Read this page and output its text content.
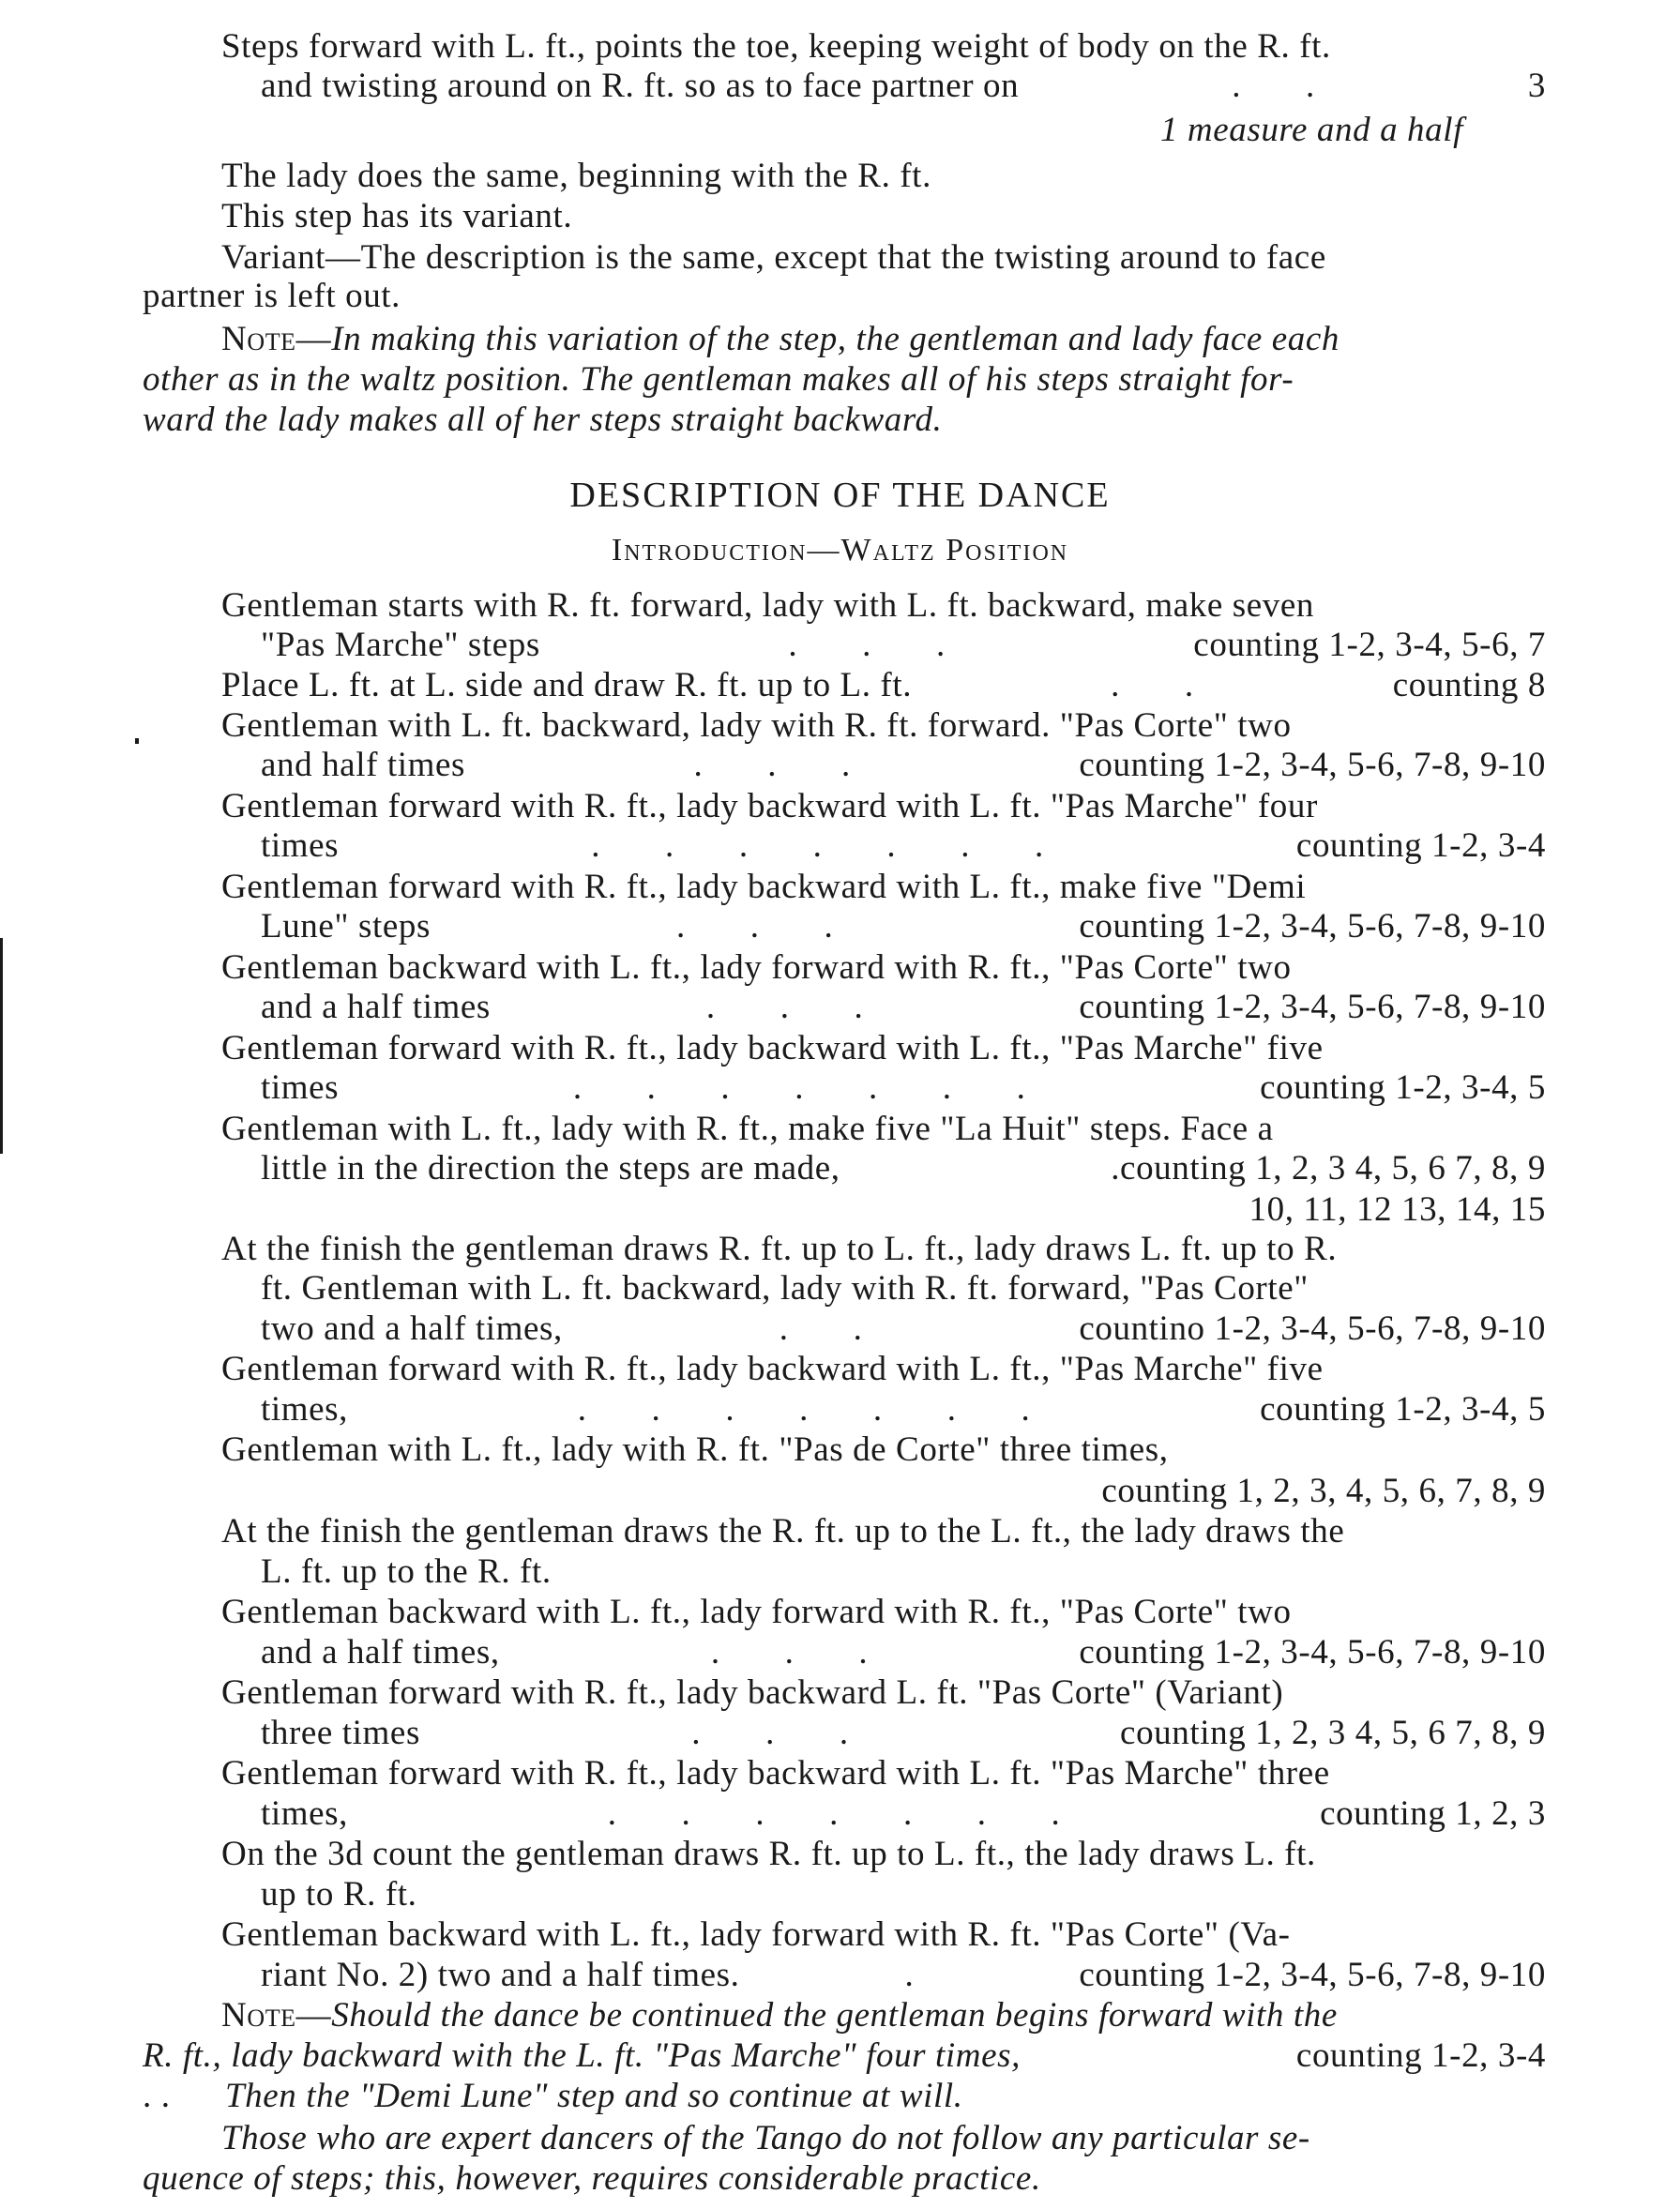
Steps forward with L. ft., points the toe, keeping weight of body on the R. ft.
and twisting around on R. ft. so as to face partner on	.       .	3
1 measure and a half
The lady does the same, beginning with the R. ft.
This step has its variant.
Variant—The description is the same, except that the twisting around to face
partner is left out.
Note—In making this variation of the step, the gentleman and lady face each
other as in the waltz position. The gentleman makes all of his steps straight for-
ward the lady makes all of her steps straight backward.
DESCRIPTION OF THE DANCE
Introduction—Waltz Position
Gentleman starts with R. ft. forward, lady with L. ft. backward, make seven
"Pas Marche" steps	.       .       .	counting 1-2, 3-4, 5-6, 7
Place L. ft. at L. side and draw R. ft. up to L. ft.	.       .	counting 8
Gentleman with L. ft. backward, lady with R. ft. forward. "Pas Corte" two
and half times	.       .       .	counting 1-2, 3-4, 5-6, 7-8, 9-10
Gentleman forward with R. ft., lady backward with L. ft. "Pas Marche" four
times	.       .       .       .       .       .       .	counting 1-2, 3-4
Gentleman forward with R. ft., lady backward with L. ft., make five "Demi
Lune" steps	.       .       .	counting 1-2, 3-4, 5-6, 7-8, 9-10
Gentleman backward with L. ft., lady forward with R. ft., "Pas Corte" two
and a half times	.       .       .	counting 1-2, 3-4, 5-6, 7-8, 9-10
Gentleman forward with R. ft., lady backward with L. ft., "Pas Marche" five
times	.       .       .       .       .       .       .	counting 1-2, 3-4, 5
Gentleman with L. ft., lady with R. ft., make five "La Huit" steps. Face a
little in the direction the steps are made,	.counting 1, 2, 3 4, 5, 6 7, 8, 9
10, 11, 12 13, 14, 15
At the finish the gentleman draws R. ft. up to L. ft., lady draws L. ft. up to R.
ft. Gentleman with L. ft. backward, lady with R. ft. forward, "Pas Corte"
two and a half times,	.       .	countino 1-2, 3-4, 5-6, 7-8, 9-10
Gentleman forward with R. ft., lady backward with L. ft., "Pas Marche" five
times,	.       .       .       .       .       .       .	counting 1-2, 3-4, 5
Gentleman with L. ft., lady with R. ft. "Pas de Corte" three times,
counting 1, 2, 3, 4, 5, 6, 7, 8, 9
At the finish the gentleman draws the R. ft. up to the L. ft., the lady draws the
L. ft. up to the R. ft.
Gentleman backward with L. ft., lady forward with R. ft., "Pas Corte" two
and a half times,	.       .       .	counting 1-2, 3-4, 5-6, 7-8, 9-10
Gentleman forward with R. ft., lady backward L. ft. "Pas Corte" (Variant)
three times	.       .       .	counting 1, 2, 3 4, 5, 6 7, 8, 9
Gentleman forward with R. ft., lady backward with L. ft. "Pas Marche" three
times,	.       .       .       .       .       .       .	counting 1, 2, 3
On the 3d count the gentleman draws R. ft. up to L. ft., the lady draws L. ft.
up to R. ft.
Gentleman backward with L. ft., lady forward with R. ft. "Pas Corte" (Va-
riant No. 2) two and a half times.	.	counting 1-2, 3-4, 5-6, 7-8, 9-10
Note—Should the dance be continued the gentleman begins forward with the
R. ft., lady backward with the L. ft. "Pas Marche" four times,	counting 1-2, 3-4
. . Then the "Demi Lune" step and so continue at will.
Those who are expert dancers of the Tango do not follow any particular se-
quence of steps; this, however, requires considerable practice.
